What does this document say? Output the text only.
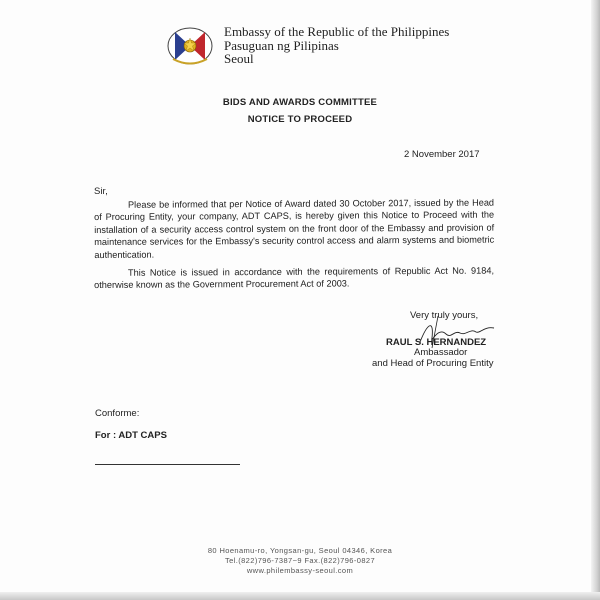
Embassy of the Republic of the Philippines
Pasuguan ng Pilipinas
Seoul
BIDS AND AWARDS COMMITTEE
NOTICE TO PROCEED
2 November 2017
Sir,
Please be informed that per Notice of Award dated 30 October 2017, issued by the Head of Procuring Entity, your company, ADT CAPS, is hereby given this Notice to Proceed with the installation of a security access control system on the front door of the Embassy and provision of maintenance services for the Embassy's security control access and alarm systems and biometric authentication.
This Notice is issued in accordance with the requirements of Republic Act No. 9184, otherwise known as the Government Procurement Act of 2003.
Very truly yours,
RAUL S. HERNANDEZ
Ambassador
and Head of Procuring Entity
Conforme:
For : ADT CAPS
80 Hoenamu-ro, Yongsan-gu, Seoul 04346, Korea
Tel.(822)796-7387~9 Fax.(822)796-0827
www.philembassy-seoul.com
